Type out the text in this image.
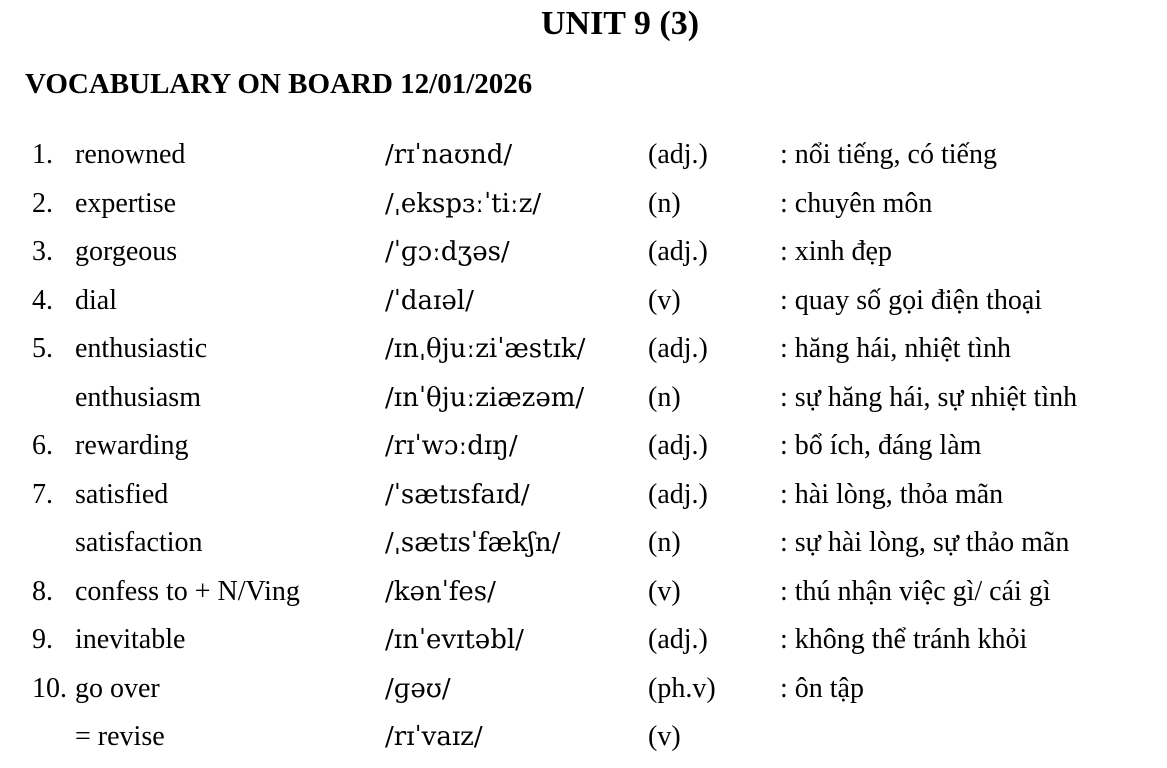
UNIT 9 (3)
VOCABULARY ON BOARD 12/01/2026
1. renowned	/rɪˈnaʊnd/	(adj.)	: nổi tiếng, có tiếng
2. expertise	/ˌekspɜːˈtiːz/	(n)	: chuyên môn
3. gorgeous	/ˈɡɔːdʒəs/	(adj.)	: xinh đẹp
4. dial	/ˈdaɪəl/	(v)	: quay số gọi điện thoại
5. enthusiastic	/ɪnˌθjuːziˈæstɪk/ (adj.)	: hăng hái, nhiệt tình
enthusiasm	/ɪnˈθjuːziæzəm/ (n)	: sự hăng hái, sự nhiệt tình
6. rewarding	/rɪˈwɔːdɪŋ/	(adj.)	: bổ ích, đáng làm
7. satisfied	/ˈsætɪsfaɪd/	(adj.)	: hài lòng, thỏa mãn
satisfaction	/ˌsætɪsˈfækʃn/	(n)	: sự hài lòng, sự thảo mãn
8. confess to + N/Ving	/kənˈfes/	(v)	: thú nhận việc gì/ cái gì
9. inevitable	/ɪnˈevɪtəbl/	(adj.)	: không thể tránh khỏi
10. go over	/ɡəʊ/	(ph.v) : ôn tập
= revise	/rɪˈvaɪz/	(v)
